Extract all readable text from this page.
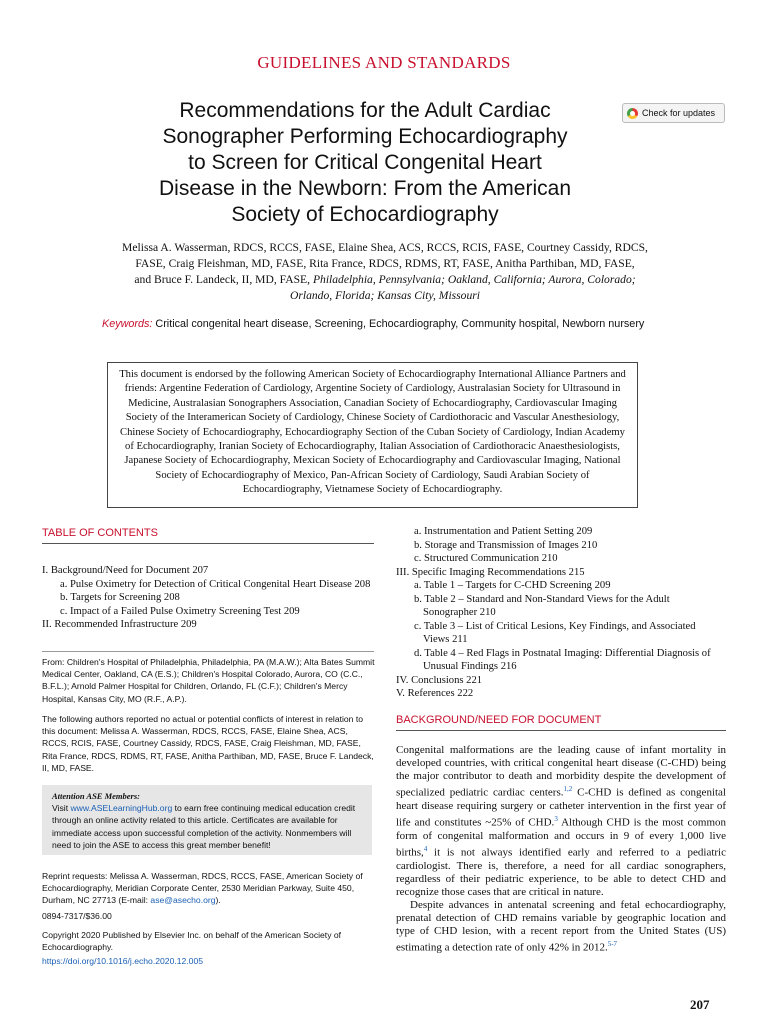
GUIDELINES AND STANDARDS
Recommendations for the Adult Cardiac
Sonographer Performing Echocardiography
to Screen for Critical Congenital Heart
Disease in the Newborn: From the American
Society of Echocardiography
Check for updates
Melissa A. Wasserman, RDCS, RCCS, FASE, Elaine Shea, ACS, RCCS, RCIS, FASE, Courtney Cassidy, RDCS,
FASE, Craig Fleishman, MD, FASE, Rita France, RDCS, RDMS, RT, FASE, Anitha Parthiban, MD, FASE,
and Bruce F. Landeck, II, MD, FASE, Philadelphia, Pennsylvania; Oakland, California; Aurora, Colorado;
Orlando, Florida; Kansas City, Missouri
Keywords: Critical congenital heart disease, Screening, Echocardiography, Community hospital, Newborn nursery
This document is endorsed by the following American Society of Echocardiography International Alliance Partners and friends: Argentine Federation of Cardiology, Argentine Society of Cardiology, Australasian Society for Ultrasound in Medicine, Australasian Sonographers Association, Canadian Society of Echocardiography, Cardiovascular Imaging Society of the Interamerican Society of Cardiology, Chinese Society of Cardiothoracic and Vascular Anesthesiology, Chinese Society of Echocardiography, Echocardiography Section of the Cuban Society of Cardiology, Indian Academy of Echocardiography, Iranian Society of Echocardiography, Italian Association of Cardiothoracic Anaesthesiologists, Japanese Society of Echocardiography, Mexican Society of Echocardiography and Cardiovascular Imaging, National Society of Echocardiography of Mexico, Pan-African Society of Cardiology, Saudi Arabian Society of Echocardiography, Vietnamese Society of Echocardiography.
TABLE OF CONTENTS
I. Background/Need for Document 207
a. Pulse Oximetry for Detection of Critical Congenital Heart Disease 208
b. Targets for Screening 208
c. Impact of a Failed Pulse Oximetry Screening Test 209
II. Recommended Infrastructure 209
a. Instrumentation and Patient Setting 209
b. Storage and Transmission of Images 210
c. Structured Communication 210
III. Specific Imaging Recommendations 215
a. Table 1 – Targets for C-CHD Screening 209
b. Table 2 – Standard and Non-Standard Views for the Adult
Sonographer 210
c. Table 3 – List of Critical Lesions, Key Findings, and Associated
Views 211
d. Table 4 – Red Flags in Postnatal Imaging: Differential Diagnosis of
Unusual Findings 216
IV. Conclusions 221
V. References 222
From: Children's Hospital of Philadelphia, Philadelphia, PA (M.A.W.); Alta Bates Summit Medical Center, Oakland, CA (E.S.); Children's Hospital Colorado, Aurora, CO (C.C., B.F.L.); Arnold Palmer Hospital for Children, Orlando, FL (C.F.); Children's Mercy Hospital, Kansas City, MO (R.F., A.P.).
The following authors reported no actual or potential conflicts of interest in relation to this document: Melissa A. Wasserman, RDCS, RCCS, FASE, Elaine Shea, ACS, RCCS, RCIS, FASE, Courtney Cassidy, RDCS, FASE, Craig Fleishman, MD, FASE, Rita France, RDCS, RDMS, RT, FASE, Anitha Parthiban, MD, FASE, Bruce F. Landeck, II, MD, FASE.
Attention ASE Members:
Visit www.ASELearningHub.org to earn free continuing medical education credit through an online activity related to this article. Certificates are available for immediate access upon successful completion of the activity. Nonmembers will need to join the ASE to access this great member benefit!
Reprint requests: Melissa A. Wasserman, RDCS, RCCS, FASE, American Society of Echocardiography, Meridian Corporate Center, 2530 Meridian Parkway, Suite 450, Durham, NC 27713 (E-mail: ase@asecho.org).
0894-7317/$36.00
Copyright 2020 Published by Elsevier Inc. on behalf of the American Society of Echocardiography.
https://doi.org/10.1016/j.echo.2020.12.005
BACKGROUND/NEED FOR DOCUMENT

Congenital malformations are the leading cause of infant mortality in developed countries, with critical congenital heart disease (C-CHD) being the major contributor to death and morbidity despite the development of specialized pediatric cardiac centers.$^{1,2}$ C-CHD is defined as congenital heart disease requiring surgery or catheter intervention in the first year of life and constitutes ~25% of CHD.$^3$ Although CHD is the most common form of congenital malformation and occurs in 9 of every 1,000 live births,$^4$ it is not always identified early and referred to a pediatric cardiologist. There is, therefore, a need for all cardiac sonographers, regardless of their pediatric experience, to be able to detect CHD and recognize those cases that are critical in nature.

Despite advances in antenatal screening and fetal echocardiography, prenatal detection of CHD remains variable by geographic location and type of CHD lesion, with a recent report from the United States (US) estimating a detection rate of only 42% in 2012.$^{5-7}$

207
